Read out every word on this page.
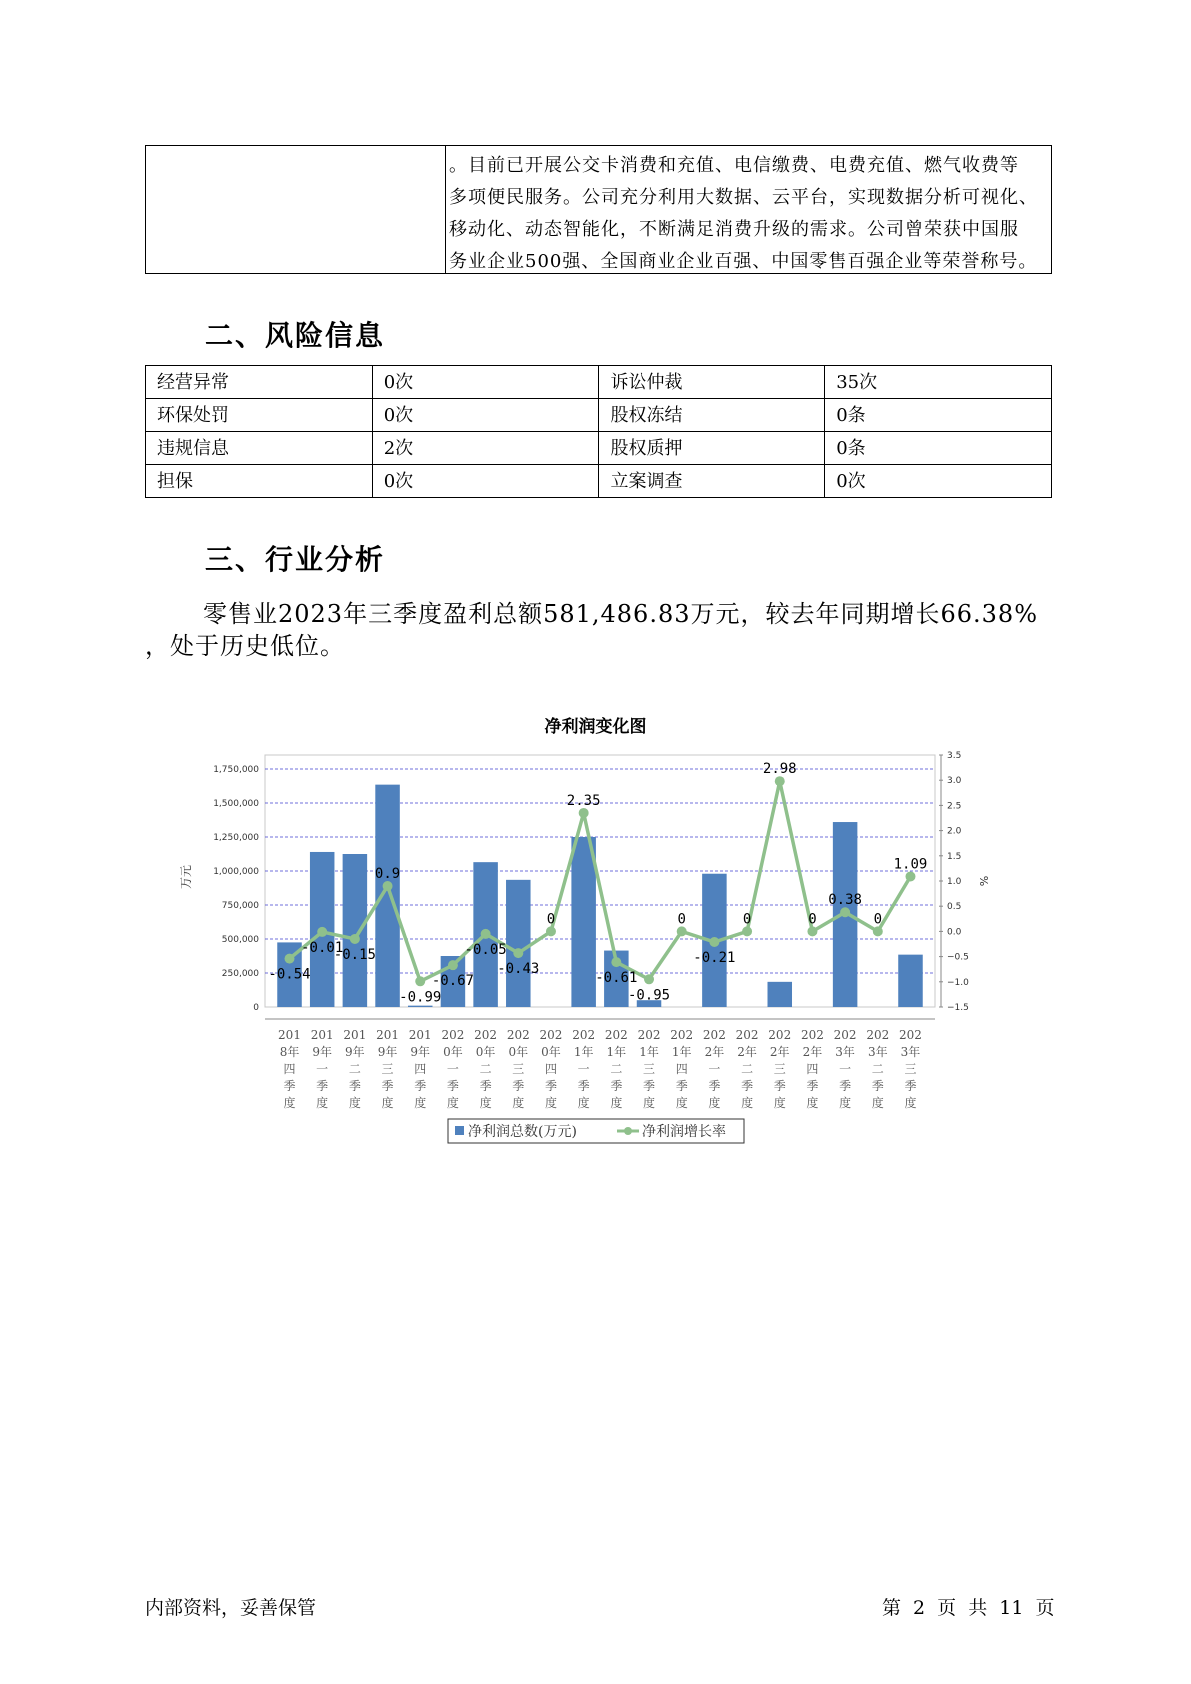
。目前已开展公交卡消费和充值、电信缴费、电费充值、燃气收费等
多项便民服务。公司充分利用大数据、云平台，实现数据分析可视化、
移动化、动态智能化，不断满足消费升级的需求。公司曾荣获中国服
务业企业500强、全国商业企业百强、中国零售百强企业等荣誉称号。
二、风险信息
经营异常	0次	诉讼仲裁	35次
环保处罚	0次	股权冻结	0条
违规信息	2次	股权质押	0条
担保	0次	立案调查	0次
三、行业分析
零售业2023年三季度盈利总额581,486.83万元，较去年同期增长66.38%
，处于历史低位。
净利润变化图
0
250,000
500,000
750,000
1,000,000
1,250,000
1,500,000
1,750,000
万元
−1.5
−1.0
−0.5
0.0
0.5
1.0
1.5
2.0
2.5
3.0
3.5
%
201
8年
四
季
度
201
9年
一
季
度
201
9年
二
季
度
201
9年
三
季
度
201
9年
四
季
度
202
0年
一
季
度
202
0年
二
季
度
202
0年
三
季
度
202
0年
四
季
度
202
1年
一
季
度
202
1年
二
季
度
202
1年
三
季
度
202
1年
四
季
度
202
2年
一
季
度
202
2年
二
季
度
202
2年
三
季
度
202
2年
四
季
度
202
3年
一
季
度
202
3年
二
季
度
202
3年
三
季
度
-0.54
-0.01
-0.15
0.9
-0.99
-0.67
-0.05
-0.43
0
2.35
-0.61
-0.95
0
-0.21
0
2.98
0
0.38
0
1.09
净利润总数(万元)	净利润增长率
内部资料，妥善保管	第 2 页 共 11 页
